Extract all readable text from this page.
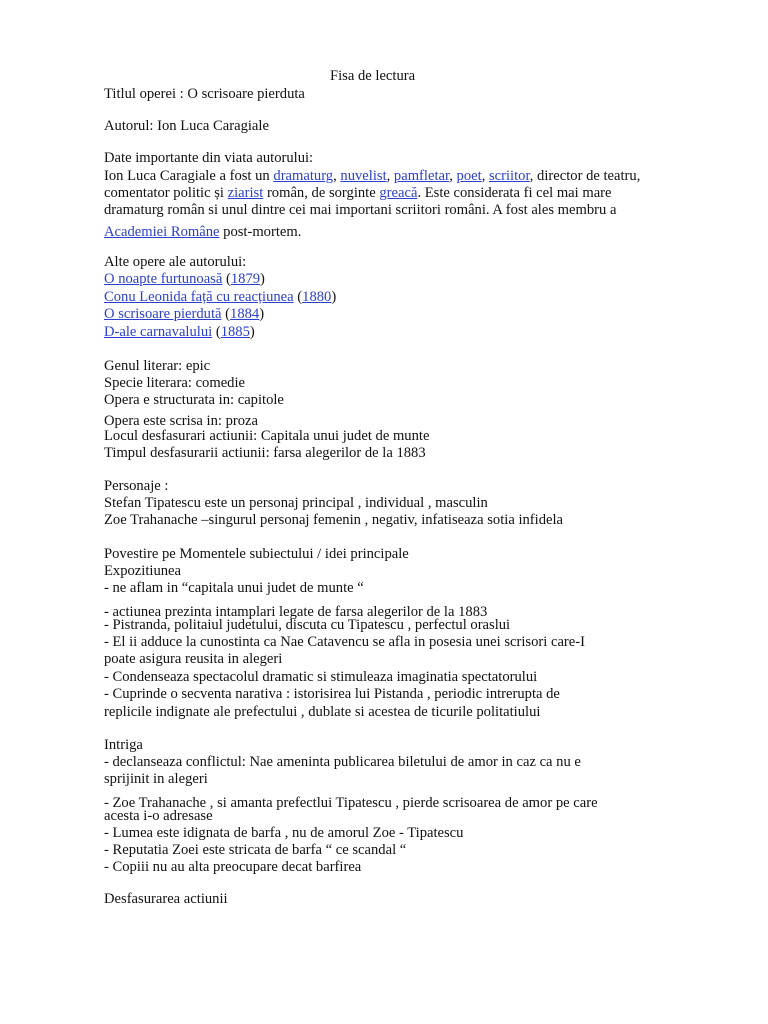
Fisa de lectura
Titlul operei : O scrisoare pierduta
Autorul: Ion Luca Caragiale
Date importante din viata autorului:
Ion Luca Caragiale a fost un dramaturg, nuvelist, pamfletar, poet, scriitor, director de teatru,
comentator politic și ziarist român, de sorginte greacă. Este considerata fi cel mai mare
dramaturg român si unul dintre cei mai importani scriitori români. A fost ales membru a
Academiei Române post-mortem.
Alte opere ale autorului:
O noapte furtunoasă (1879)
Conu Leonida față cu reacțiunea (1880)
O scrisoare pierdută (1884)
D-ale carnavalului (1885)
Genul literar: epic
Specie literara: comedie
Opera e structurata in: capitole
Opera este scrisa in: proza
Locul desfasurari actiunii: Capitala unui judet de munte
Timpul desfasurarii actiunii: farsa alegerilor de la 1883
Personaje :
Stefan Tipatescu este un personaj principal , individual , masculin
Zoe Trahanache –singurul personaj femenin , negativ, infatiseaza sotia infidela
Povestire pe Momentele subiectului / idei principale
Expozitiunea
- ne aflam in “capitala unui judet de munte “
- actiunea prezinta intamplari legate de farsa alegerilor de la 1883
- Pistranda, politaiul judetului, discuta cu Tipatescu , perfectul oraslui
- El ii adduce la cunostinta ca Nae Catavencu se afla in posesia unei scrisori care-I
poate asigura reusita in alegeri
- Condenseaza spectacolul dramatic si stimuleaza imaginatia spectatorului
- Cuprinde o secventa narativa : istorisirea lui Pistanda , periodic intrerupta de
replicile indignate ale prefectului , dublate si acestea de ticurile politatiului
Intriga
- declanseaza conflictul: Nae ameninta publicarea biletului de amor in caz ca nu e
sprijinit in alegeri
- Zoe Trahanache , si amanta prefectlui Tipatescu , pierde scrisoarea de amor pe care
acesta i-o adresase
- Lumea este idignata de barfa , nu de amorul Zoe - Tipatescu
- Reputatia Zoei este stricata de barfa “ ce scandal “
- Copiii nu au alta preocupare decat barfirea
Desfasurarea actiunii
